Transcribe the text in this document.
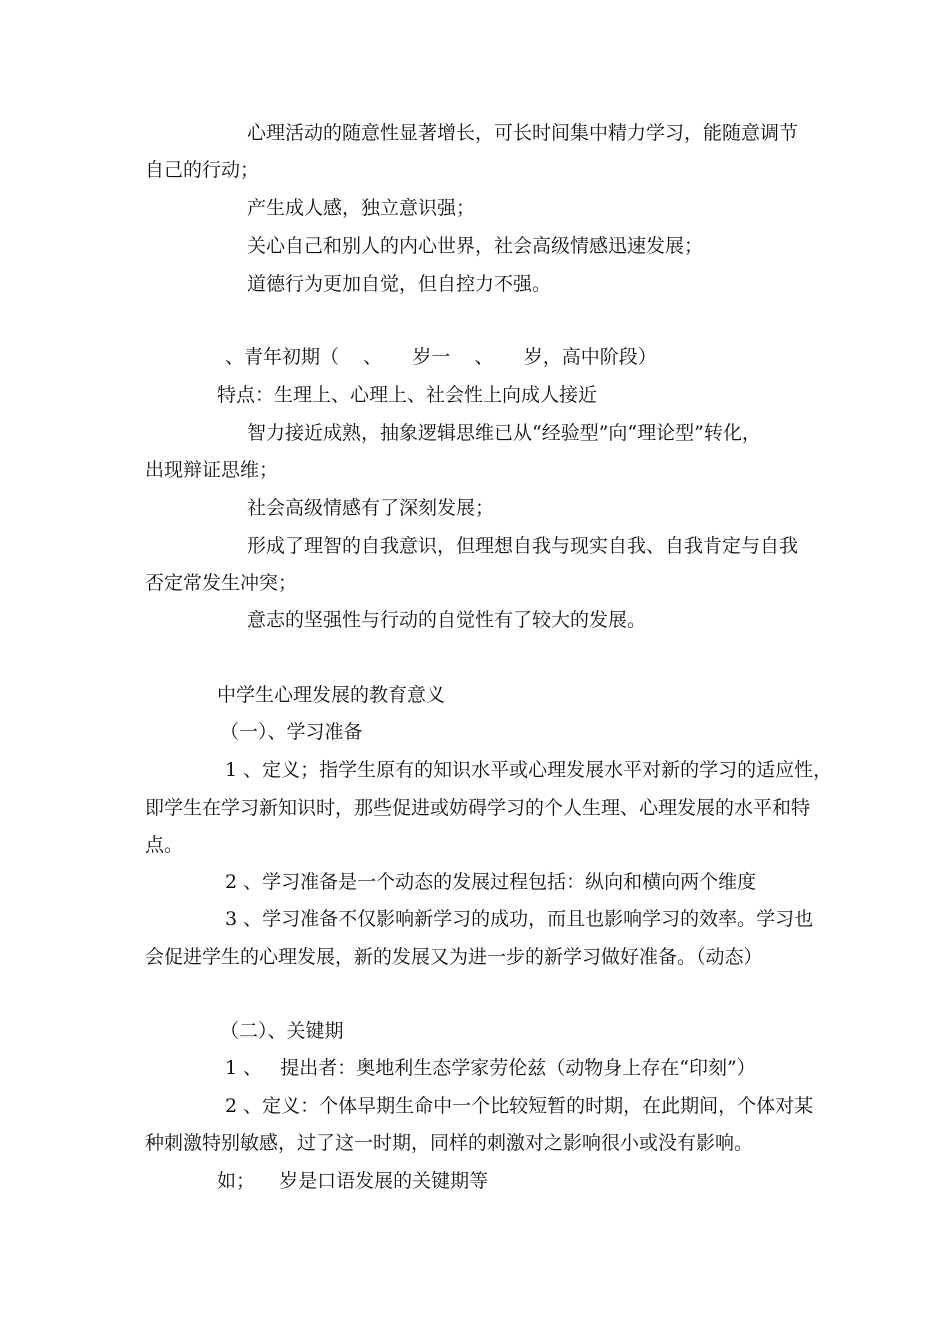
心理活动的随意性显著增长，可长时间集中精力学习，能随意调节
自己的行动；
产生成人感，独立意识强；
关心自己和别人的内心世界，社会高级情感迅速发展；
道德行为更加自觉，但自控力不强。
、青年初期（    、     岁一    、     岁，高中阶段）
特点：生理上、心理上、社会性上向成人接近
智力接近成熟，抽象逻辑思维已从“经验型”向“理论型”转化，
出现辩证思维；
社会高级情感有了深刻发展；
形成了理智的自我意识，但理想自我与现实自我、自我肯定与自我
否定常发生冲突；
意志的坚强性与行动的自觉性有了较大的发展。
中学生心理发展的教育意义
（一）、学习准备
1 、定义；指学生原有的知识水平或心理发展水平对新的学习的适应性，
即学生在学习新知识时，那些促进或妨碍学习的个人生理、心理发展的水平和特
点。
2 、学习准备是一个动态的发展过程包括：纵向和横向两个维度
3 、学习准备不仅影响新学习的成功，而且也影响学习的效率。学习也
会促进学生的心理发展，新的发展又为进一步的新学习做好准备。（动态）
（二）、关键期
1 、   提出者：奥地利生态学家劳伦兹（动物身上存在“印刻”）
2 、定义：个体早期生命中一个比较短暂的时期，在此期间，个体对某
种刺激特别敏感，过了这一时期，同样的刺激对之影响很小或没有影响。
如；    岁是口语发展的关键期等
